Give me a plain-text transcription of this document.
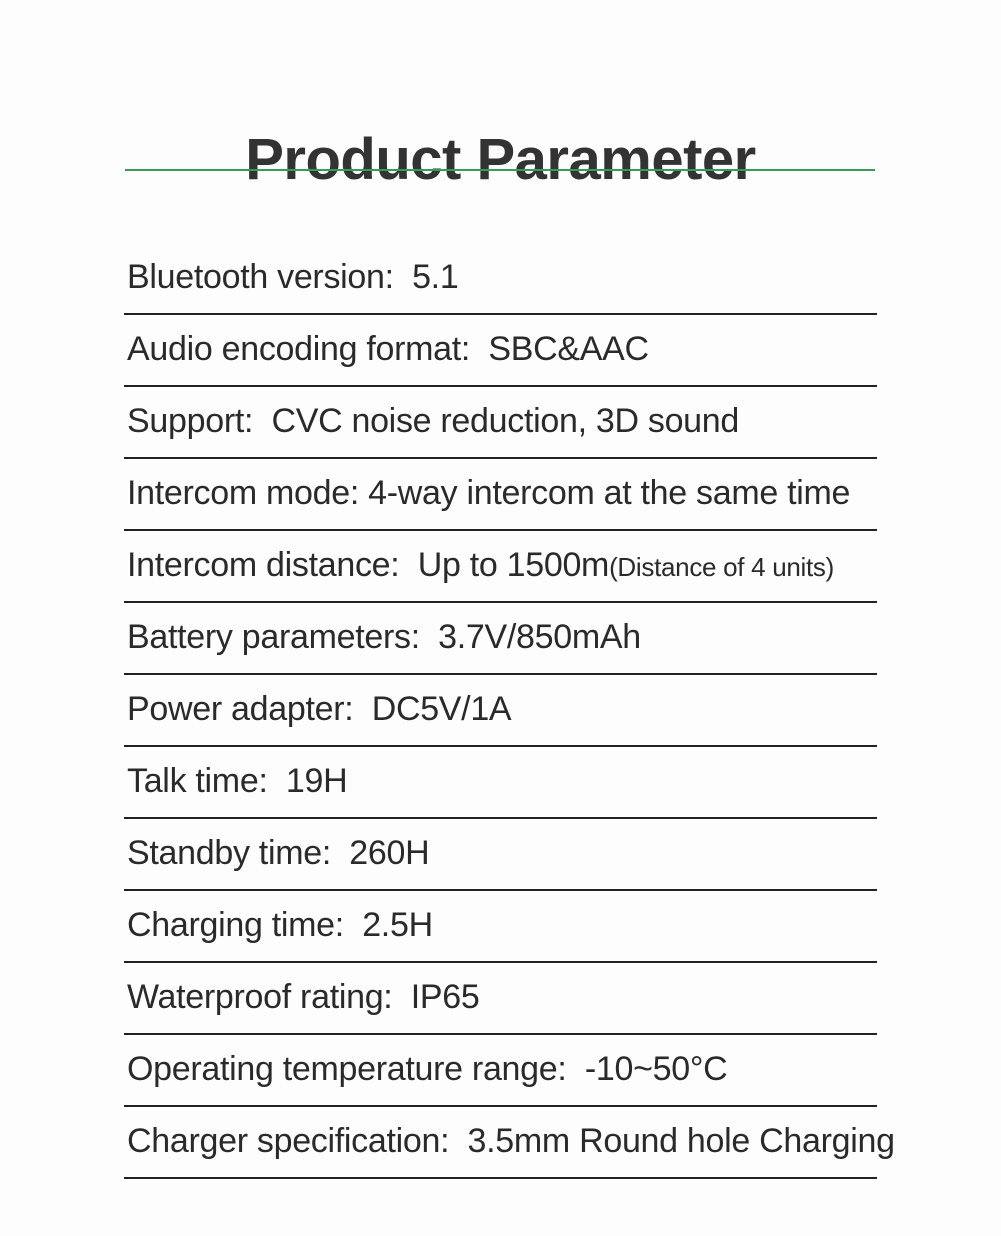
Product Parameter
Bluetooth version: 5.1
Audio encoding format: SBC&AAC
Support: CVC noise reduction, 3D sound
Intercom mode: 4-way intercom at the same time
Intercom distance: Up to 1500m(Distance of 4 units)
Battery parameters: 3.7V/850mAh
Power adapter: DC5V/1A
Talk time: 19H
Standby time: 260H
Charging time: 2.5H
Waterproof rating: IP65
Operating temperature range: -10~50°C
Charger specification: 3.5mm Round hole Charging
